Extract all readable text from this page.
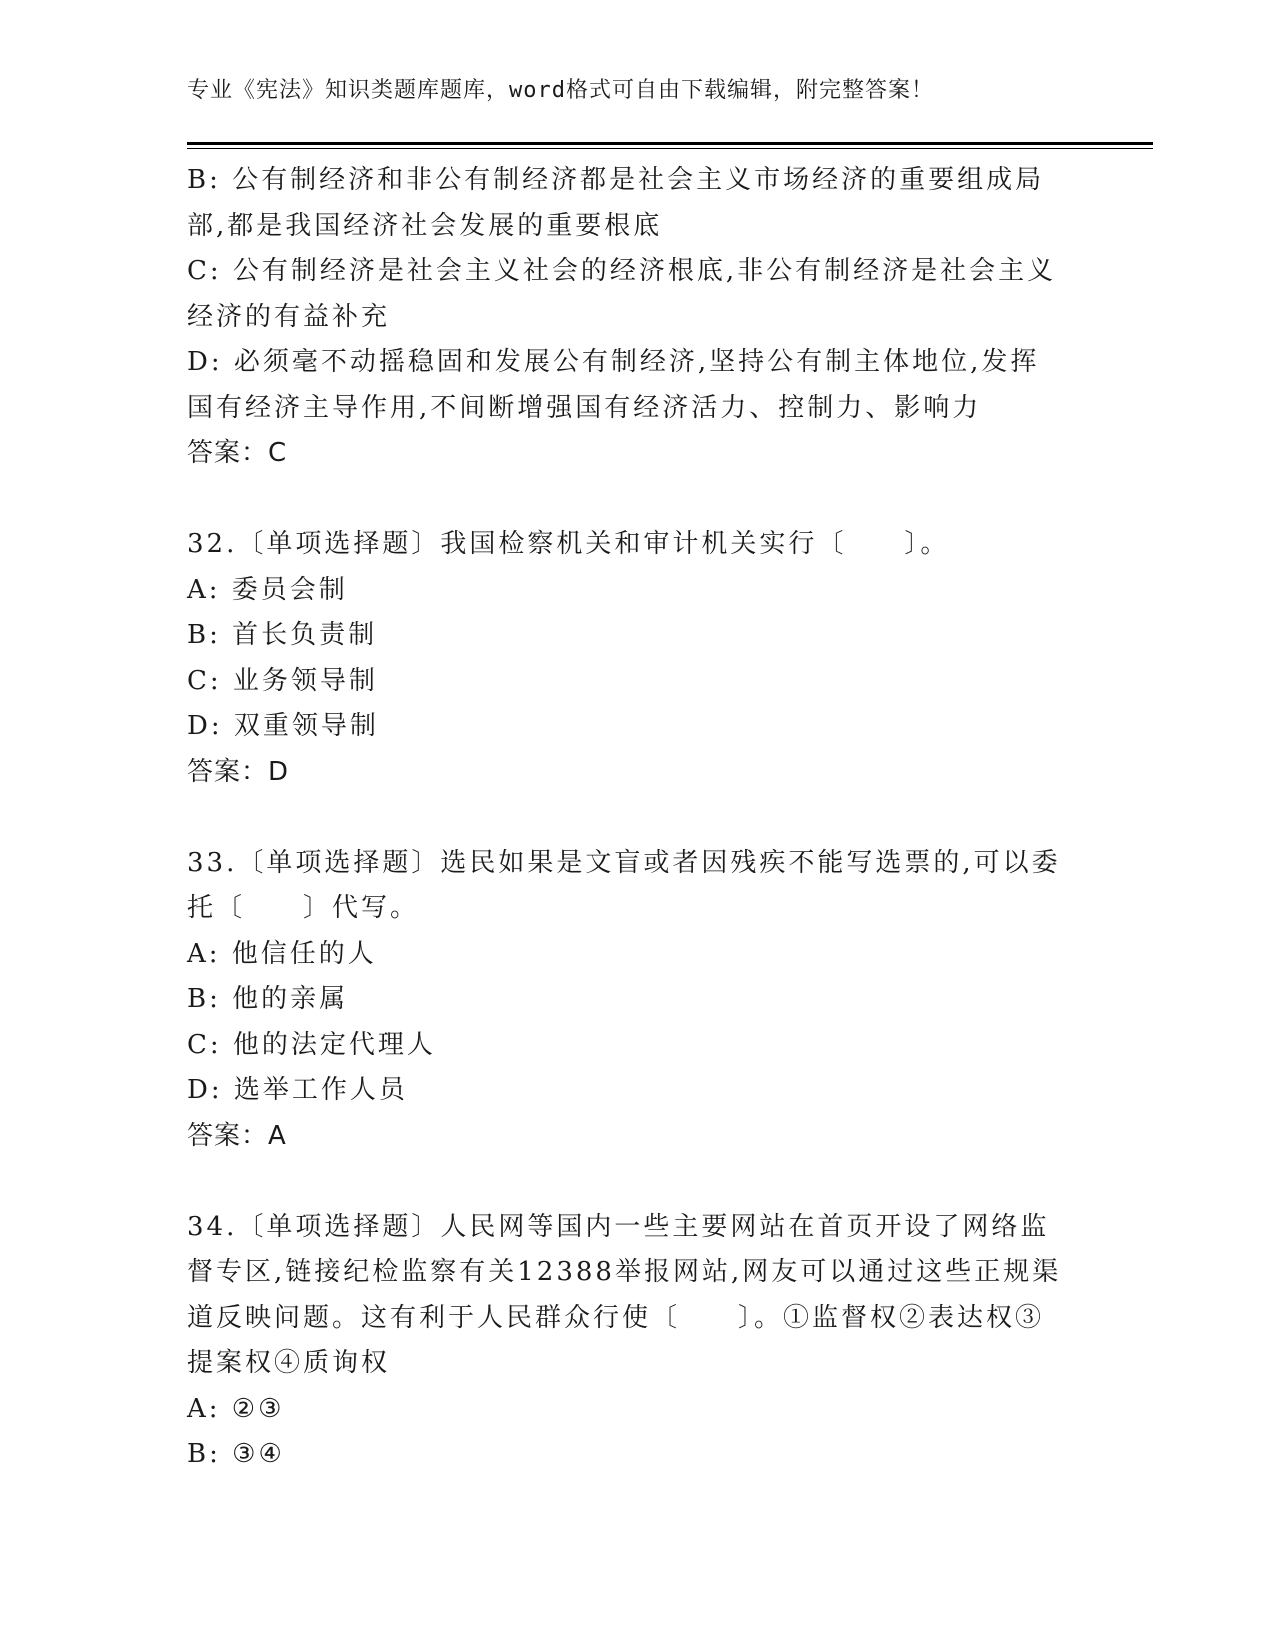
专业《宪法》知识类题库题库，word格式可自由下载编辑，附完整答案！
B: 公有制经济和非公有制经济都是社会主义市场经济的重要组成局部,都是我国经济社会发展的重要根底
C: 公有制经济是社会主义社会的经济根底,非公有制经济是社会主义经济的有益补充
D: 必须毫不动摇稳固和发展公有制经济,坚持公有制主体地位,发挥国有经济主导作用,不间断增强国有经济活力、控制力、影响力
答案：C
32.〔单项选择题〕我国检察机关和审计机关实行〔　　〕。
A: 委员会制
B: 首长负责制
C: 业务领导制
D: 双重领导制
答案：D
33.〔单项选择题〕选民如果是文盲或者因残疾不能写选票的,可以委托〔　　〕代写。
A: 他信任的人
B: 他的亲属
C: 他的法定代理人
D: 选举工作人员
答案：A
34.〔单项选择题〕人民网等国内一些主要网站在首页开设了网络监督专区,链接纪检监察有关12388举报网站,网友可以通过这些正规渠道反映问题。这有利于人民群众行使〔　　〕。①监督权②表达权③提案权④质询权
A: ②③
B: ③④
